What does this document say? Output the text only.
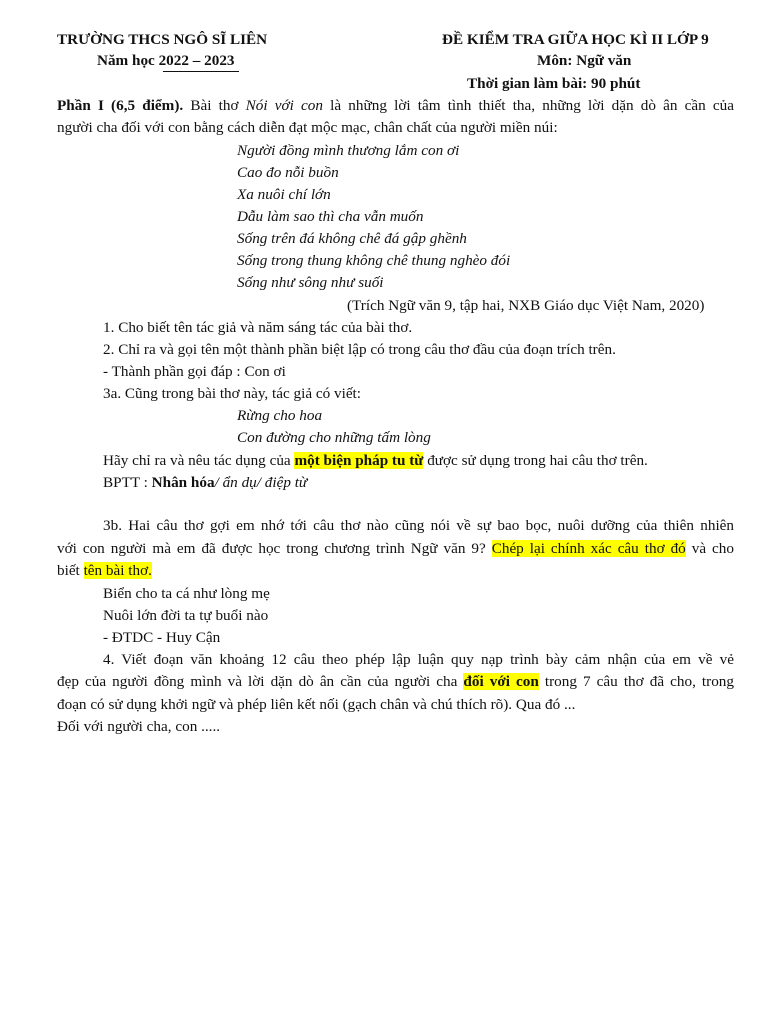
TRƯỜNG THCS NGÔ SĨ LIÊN
Năm học 2022 – 2023
ĐỀ KIỂM TRA GIỮA HỌC KÌ II LỚP 9
Môn: Ngữ văn
Thời gian làm bài: 90 phút
Phần I (6,5 điểm). Bài thơ Nói với con là những lời tâm tình thiết tha, những lời dặn dò ân cần của
người cha đối với con bằng cách diễn đạt mộc mạc, chân chất của người miền núi:
Người đồng mình thương lắm con ơi
Cao đo nỗi buồn
Xa nuôi chí lớn
Dẫu làm sao thì cha vẫn muốn
Sống trên đá không chê đá gập ghềnh
Sống trong thung không chê thung nghèo đói
Sống như sông như suối
(Trích Ngữ văn 9, tập hai, NXB Giáo dục Việt Nam, 2020)
1. Cho biết tên tác giả và năm sáng tác của bài thơ.
2. Chỉ ra và gọi tên một thành phần biệt lập có trong câu thơ đầu của đoạn trích trên.
- Thành phần gọi đáp : Con ơi
3a. Cũng trong bài thơ này, tác giả có viết:
Rừng cho hoa
Con đường cho những tấm lòng
Hãy chỉ ra và nêu tác dụng của một biện pháp tu từ được sử dụng trong hai câu thơ trên.
BPTT : Nhân hóa/ ẩn dụ/ điệp từ
3b. Hai câu thơ gợi em nhớ tới câu thơ nào cũng nói về sự bao bọc, nuôi dưỡng của thiên nhiên
với con người mà em đã được học trong chương trình Ngữ văn 9? Chép lại chính xác câu thơ đó và cho
biết tên bài thơ.
Biển cho ta cá như lòng mẹ
Nuôi lớn đời ta tự buổi nào
- ĐTDC - Huy Cận
4. Viết đoạn văn khoảng 12 câu theo phép lập luận quy nạp trình bày cảm nhận của em về vẻ
đẹp của người đồng mình và lời dặn dò ân cần của người cha đối với con trong 7 câu thơ đã cho, trong
đoạn có sử dụng khởi ngữ và phép liên kết nối (gạch chân và chú thích rõ). Qua đó ...
Đối với người cha, con .....
